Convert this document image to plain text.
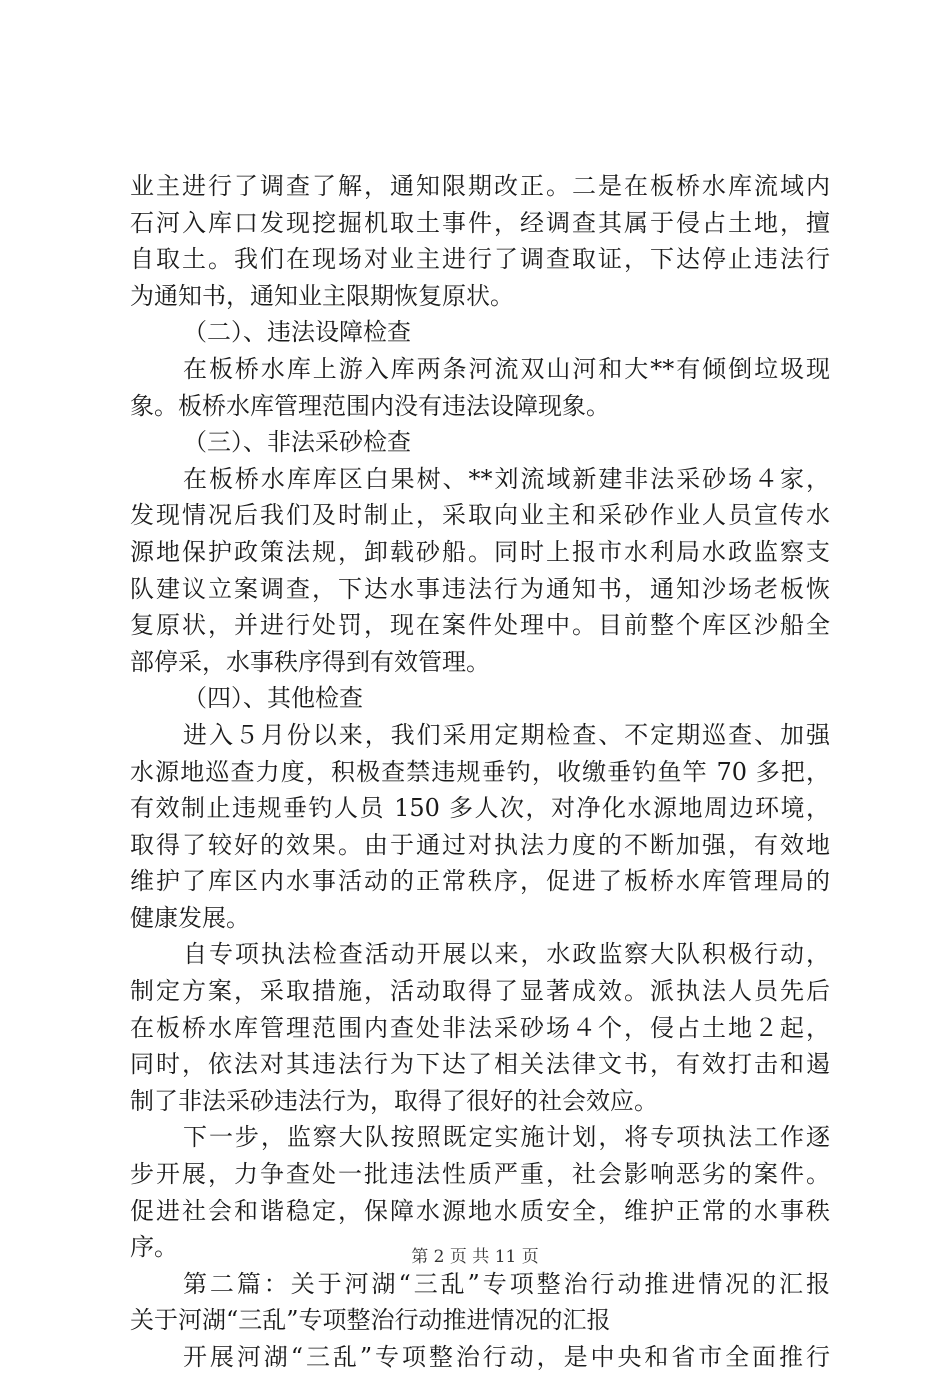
业主进行了调查了解，通知限期改正。二是在板桥水库流域内
石河入库口发现挖掘机取土事件，经调查其属于侵占土地，擅
自取土。我们在现场对业主进行了调查取证，下达停止违法行
为通知书，通知业主限期恢复原状。
（二）、违法设障检查
在板桥水库上游入库两条河流双山河和大**有倾倒垃圾现
象。板桥水库管理范围内没有违法设障现象。
（三）、非法采砂检查
在板桥水库库区白果树、**刘流域新建非法采砂场４家，
发现情况后我们及时制止，采取向业主和采砂作业人员宣传水
源地保护政策法规，卸载砂船。同时上报市水利局水政监察支
队建议立案调查，下达水事违法行为通知书，通知沙场老板恢
复原状，并进行处罚，现在案件处理中。目前整个库区沙船全
部停采，水事秩序得到有效管理。
（四）、其他检查
进入５月份以来，我们采用定期检查、不定期巡查、加强
水源地巡查力度，积极查禁违规垂钓，收缴垂钓鱼竿 70 多把，
有效制止违规垂钓人员 150 多人次，对净化水源地周边环境，
取得了较好的效果。由于通过对执法力度的不断加强，有效地
维护了库区内水事活动的正常秩序，促进了板桥水库管理局的
健康发展。
自专项执法检查活动开展以来，水政监察大队积极行动，
制定方案，采取措施，活动取得了显著成效。派执法人员先后
在板桥水库管理范围内查处非法采砂场４个，侵占土地２起，
同时，依法对其违法行为下达了相关法律文书，有效打击和遏
制了非法采砂违法行为，取得了很好的社会效应。
下一步，监察大队按照既定实施计划，将专项执法工作逐
步开展，力争查处一批违法性质严重，社会影响恶劣的案件。
促进社会和谐稳定，保障水源地水质安全，维护正常的水事秩
序。
第二篇：关于河湖“三乱”专项整治行动推进情况的汇报
关于河湖“三乱”专项整治行动推进情况的汇报
开展河湖“三乱”专项整治行动，是中央和省市全面推行
第 2 页 共 11 页
